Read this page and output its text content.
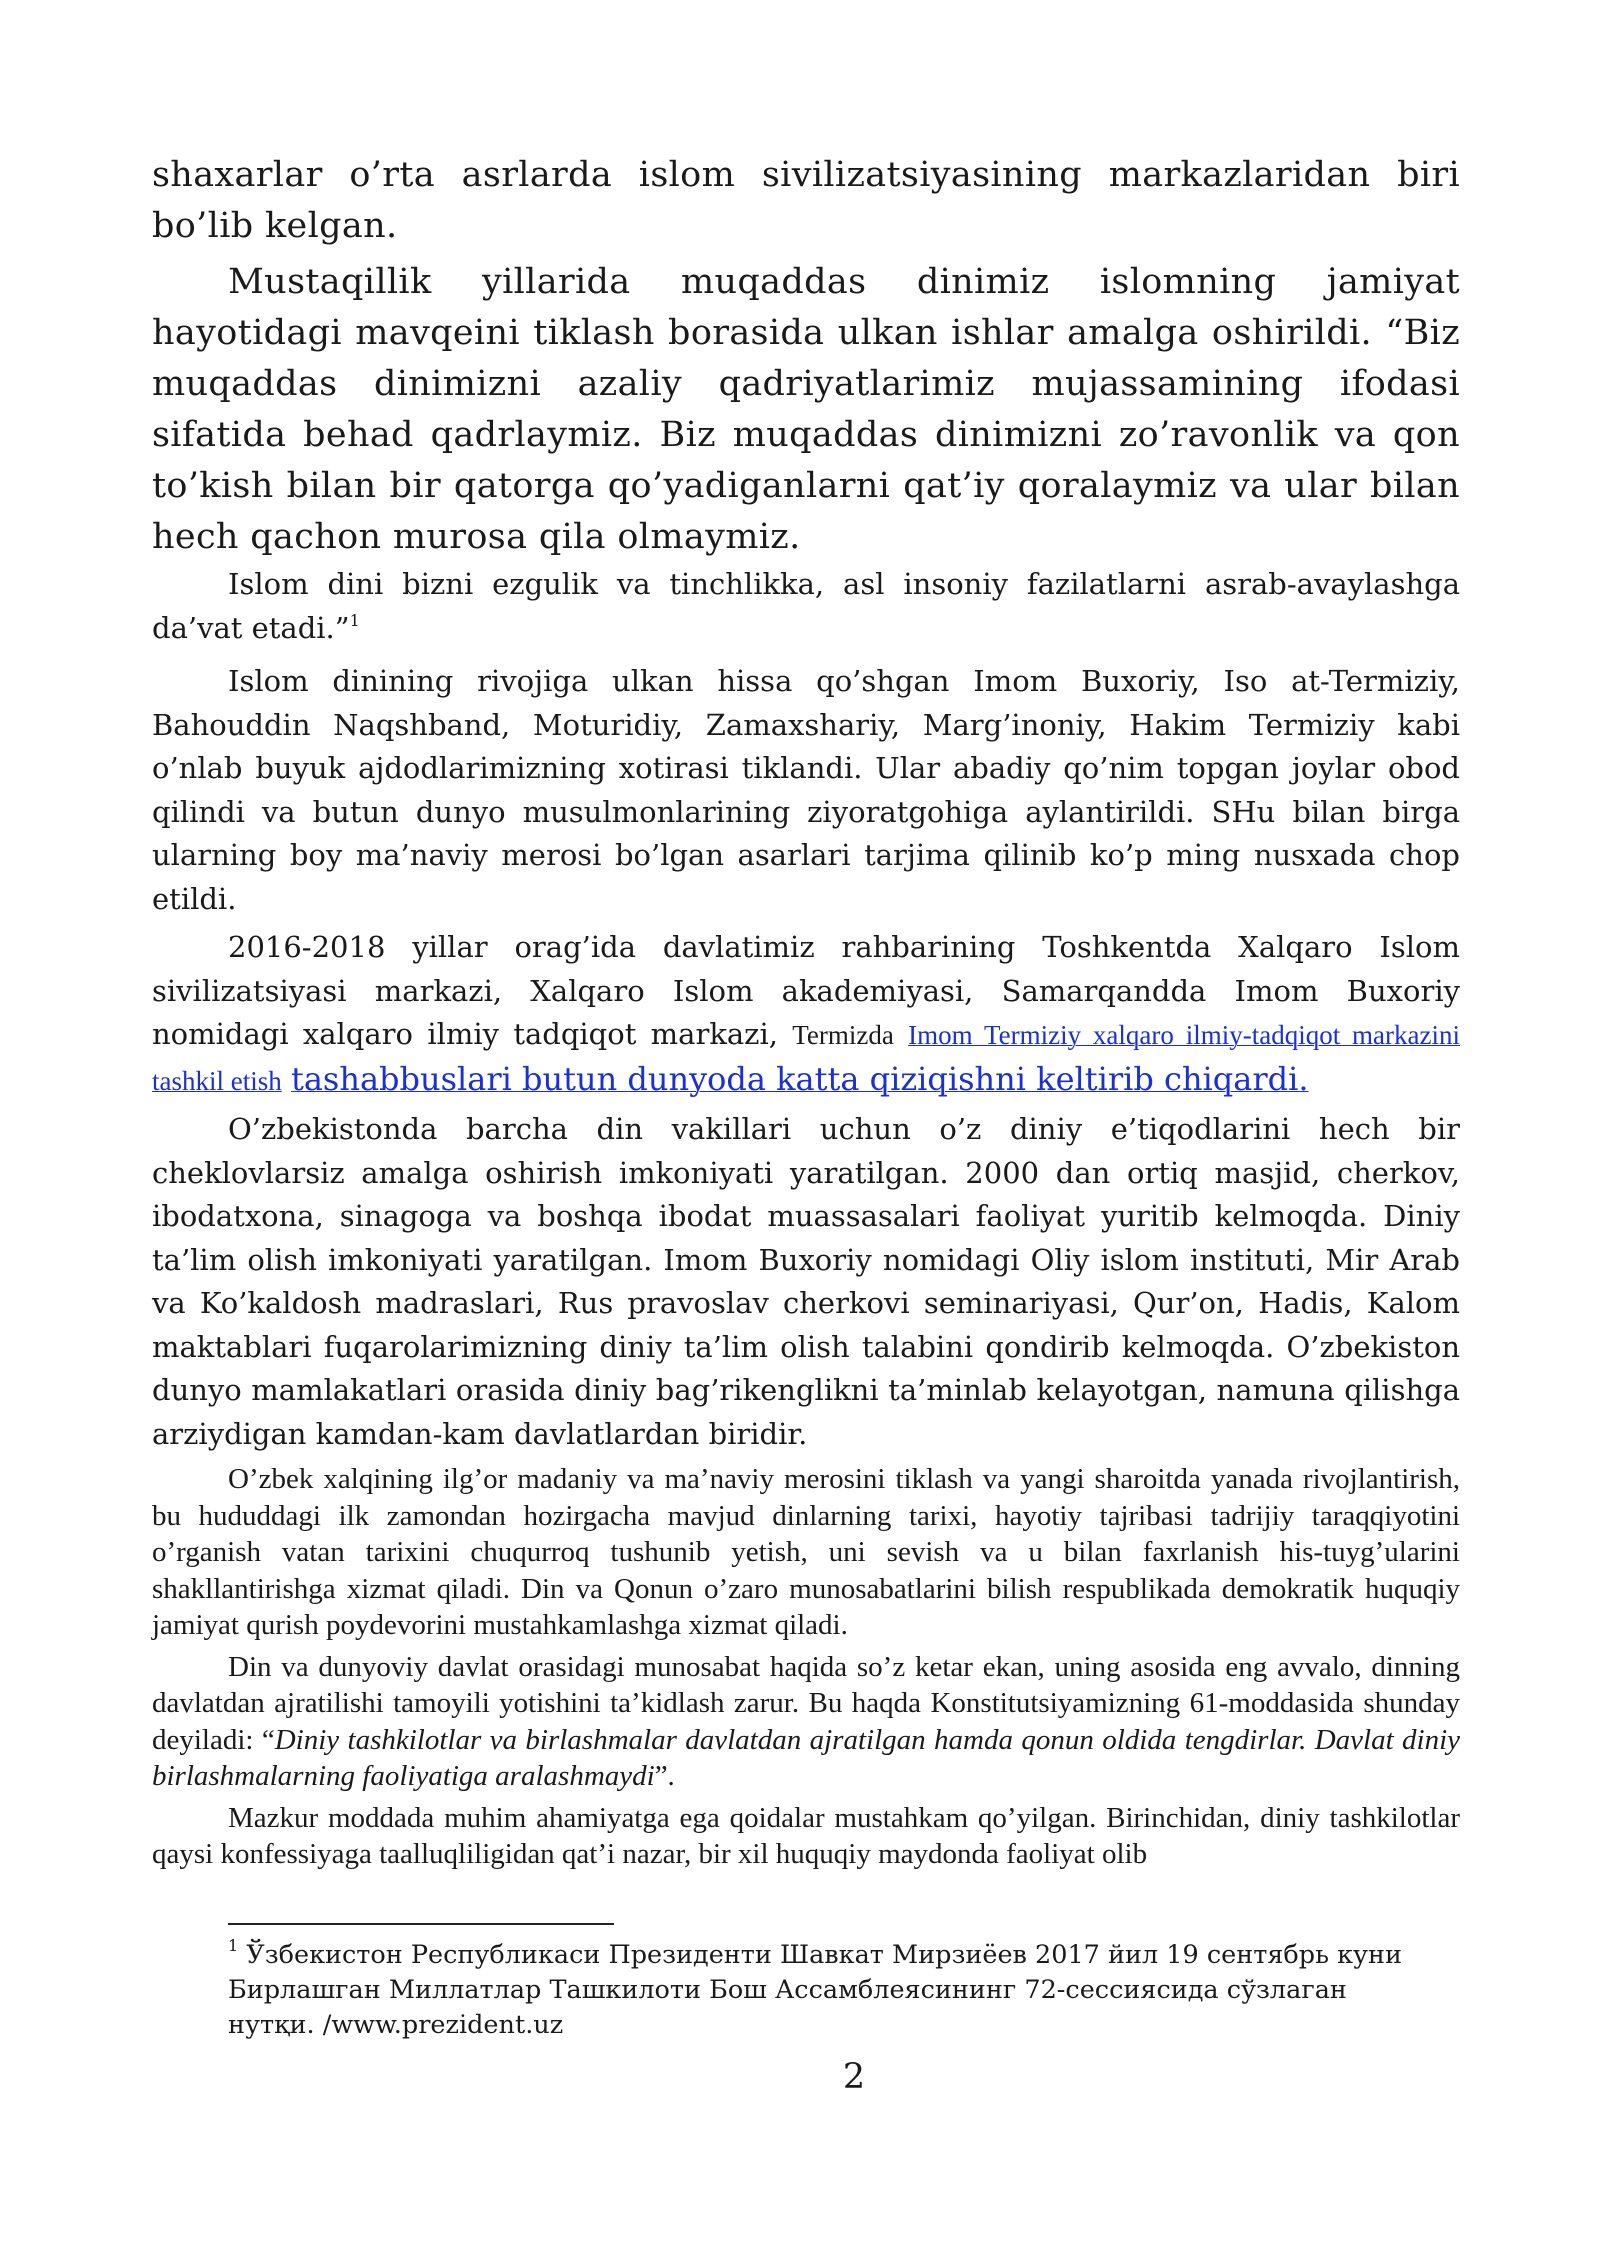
shaxarlar o’rta asrlarda islom sivilizatsiyasining markazlaridan biri bo’lib kelgan.

Mustaqillik yillarida muqaddas dinimiz islomning jamiyat hayotidagi mavqeini tiklash borasida ulkan ishlar amalga oshirildi. “Biz muqaddas dinimizni azaliy qadriyatlarimiz mujassamining ifodasi sifatida behad qadrlaymiz. Biz muqaddas dinimizni zo’ravonlik va qon to’kish bilan bir qatorga qo’yadiganlarni qat’iy qoralaymiz va ular bilan hech qachon murosa qila olmaymiz.

Islom dini bizni ezgulik va tinchlikka, asl insoniy fazilatlarni asrab-avaylashga da’vat etadi.”$^1$

Islom dinining rivojiga ulkan hissa qo’shgan Imom Buxoriy, Iso at-Termiziy, Bahouddin Naqshband, Moturidiy, Zamaxshariy, Marg’inoniy, Hakim Termiziy kabi o’nlab buyuk ajdodlarimizning xotirasi tiklandi. Ular abadiy qo’nim topgan joylar obod qilindi va butun dunyo musulmonlarining ziyoratgohiga aylantirildi. SHu bilan birga ularning boy ma’naviy merosi bo’lgan asarlari tarjima qilinib ko’p ming nusxada chop etildi.

2016-2018 yillar orag’ida davlatimiz rahbarining Toshkentda Xalqaro Islom sivilizatsiyasi markazi, Xalqaro Islom akademiyasi, Samarqandda Imom Buxoriy nomidagi xalqaro ilmiy tadqiqot markazi, Termizda Imom Termiziy xalqaro ilmiy-tadqiqot markazini tashkil etish tashabbuslari butun dunyoda katta qiziqishni keltirib chiqardi.

O’zbekistonda barcha din vakillari uchun o’z diniy e’tiqodlarini hech bir cheklovlarsiz amalga oshirish imkoniyati yaratilgan. 2000 dan ortiq masjid, cherkov, ibodatxona, sinagoga va boshqa ibodat muassasalari faoliyat yuritib kelmoqda. Diniy ta’lim olish imkoniyati yaratilgan. Imom Buxoriy nomidagi Oliy islom instituti, Mir Arab va Ko’kaldosh madraslari, Rus pravoslav cherkovi seminariyasi, Qur’on, Hadis, Kalom maktablari fuqarolarimizning diniy ta’lim olish talabini qondirib kelmoqda. O’zbekiston dunyo mamlakatlari orasida diniy bag’rikenglikni ta’minlab kelayotgan, namuna qilishga arziydigan kamdan-kam davlatlardan biridir.

O’zbek xalqining ilg’or madaniy va ma’naviy merosini tiklash va yangi sharoitda yanada rivojlantirish, bu hududdagi ilk zamondan hozirgacha mavjud dinlarning tarixi, hayotiy tajribasi tadrijiy taraqqiyotini o’rganish vatan tarixini chuqurroq tushunib yetish, uni sevish va u bilan faxrlanish his-tuyg’ularini shakllantirishga xizmat qiladi. Din va Qonun o’zaro munosabatlarini bilish respublikada demokratik huquqiy jamiyat qurish poydevorini mustahkamlashga xizmat qiladi.

Din va dunyoviy davlat orasidagi munosabat haqida so’z ketar ekan, uning asosida eng avvalo, dinning davlatdan ajratilishi tamoyili yotishini ta’kidlash zarur. Bu haqda Konstitutsiyamizning 61-moddasida shunday deyiladi: “Diniy tashkilotlar va birlashmalar davlatdan ajratilgan hamda qonun oldida tengdirlar. Davlat diniy birlashmalarning faoliyatiga aralashmaydi”.

Mazkur moddada muhim ahamiyatga ega qoidalar mustahkam qo’yilgan. Birinchidan, diniy tashkilotlar qaysi konfessiyaga taalluqliligidan qat’i nazar, bir xil huquqiy maydonda faoliyat olib

$^1$ Ўзбекистон Республикаси Президенти Шавкат Мирзиёев 2017 йил 19 сентябрь куни Бирлашган Миллатлар Ташкилоти Бош Ассамблеясининг 72-сессиясида сўзлаган нутқи. /www.prezident.uz
2
